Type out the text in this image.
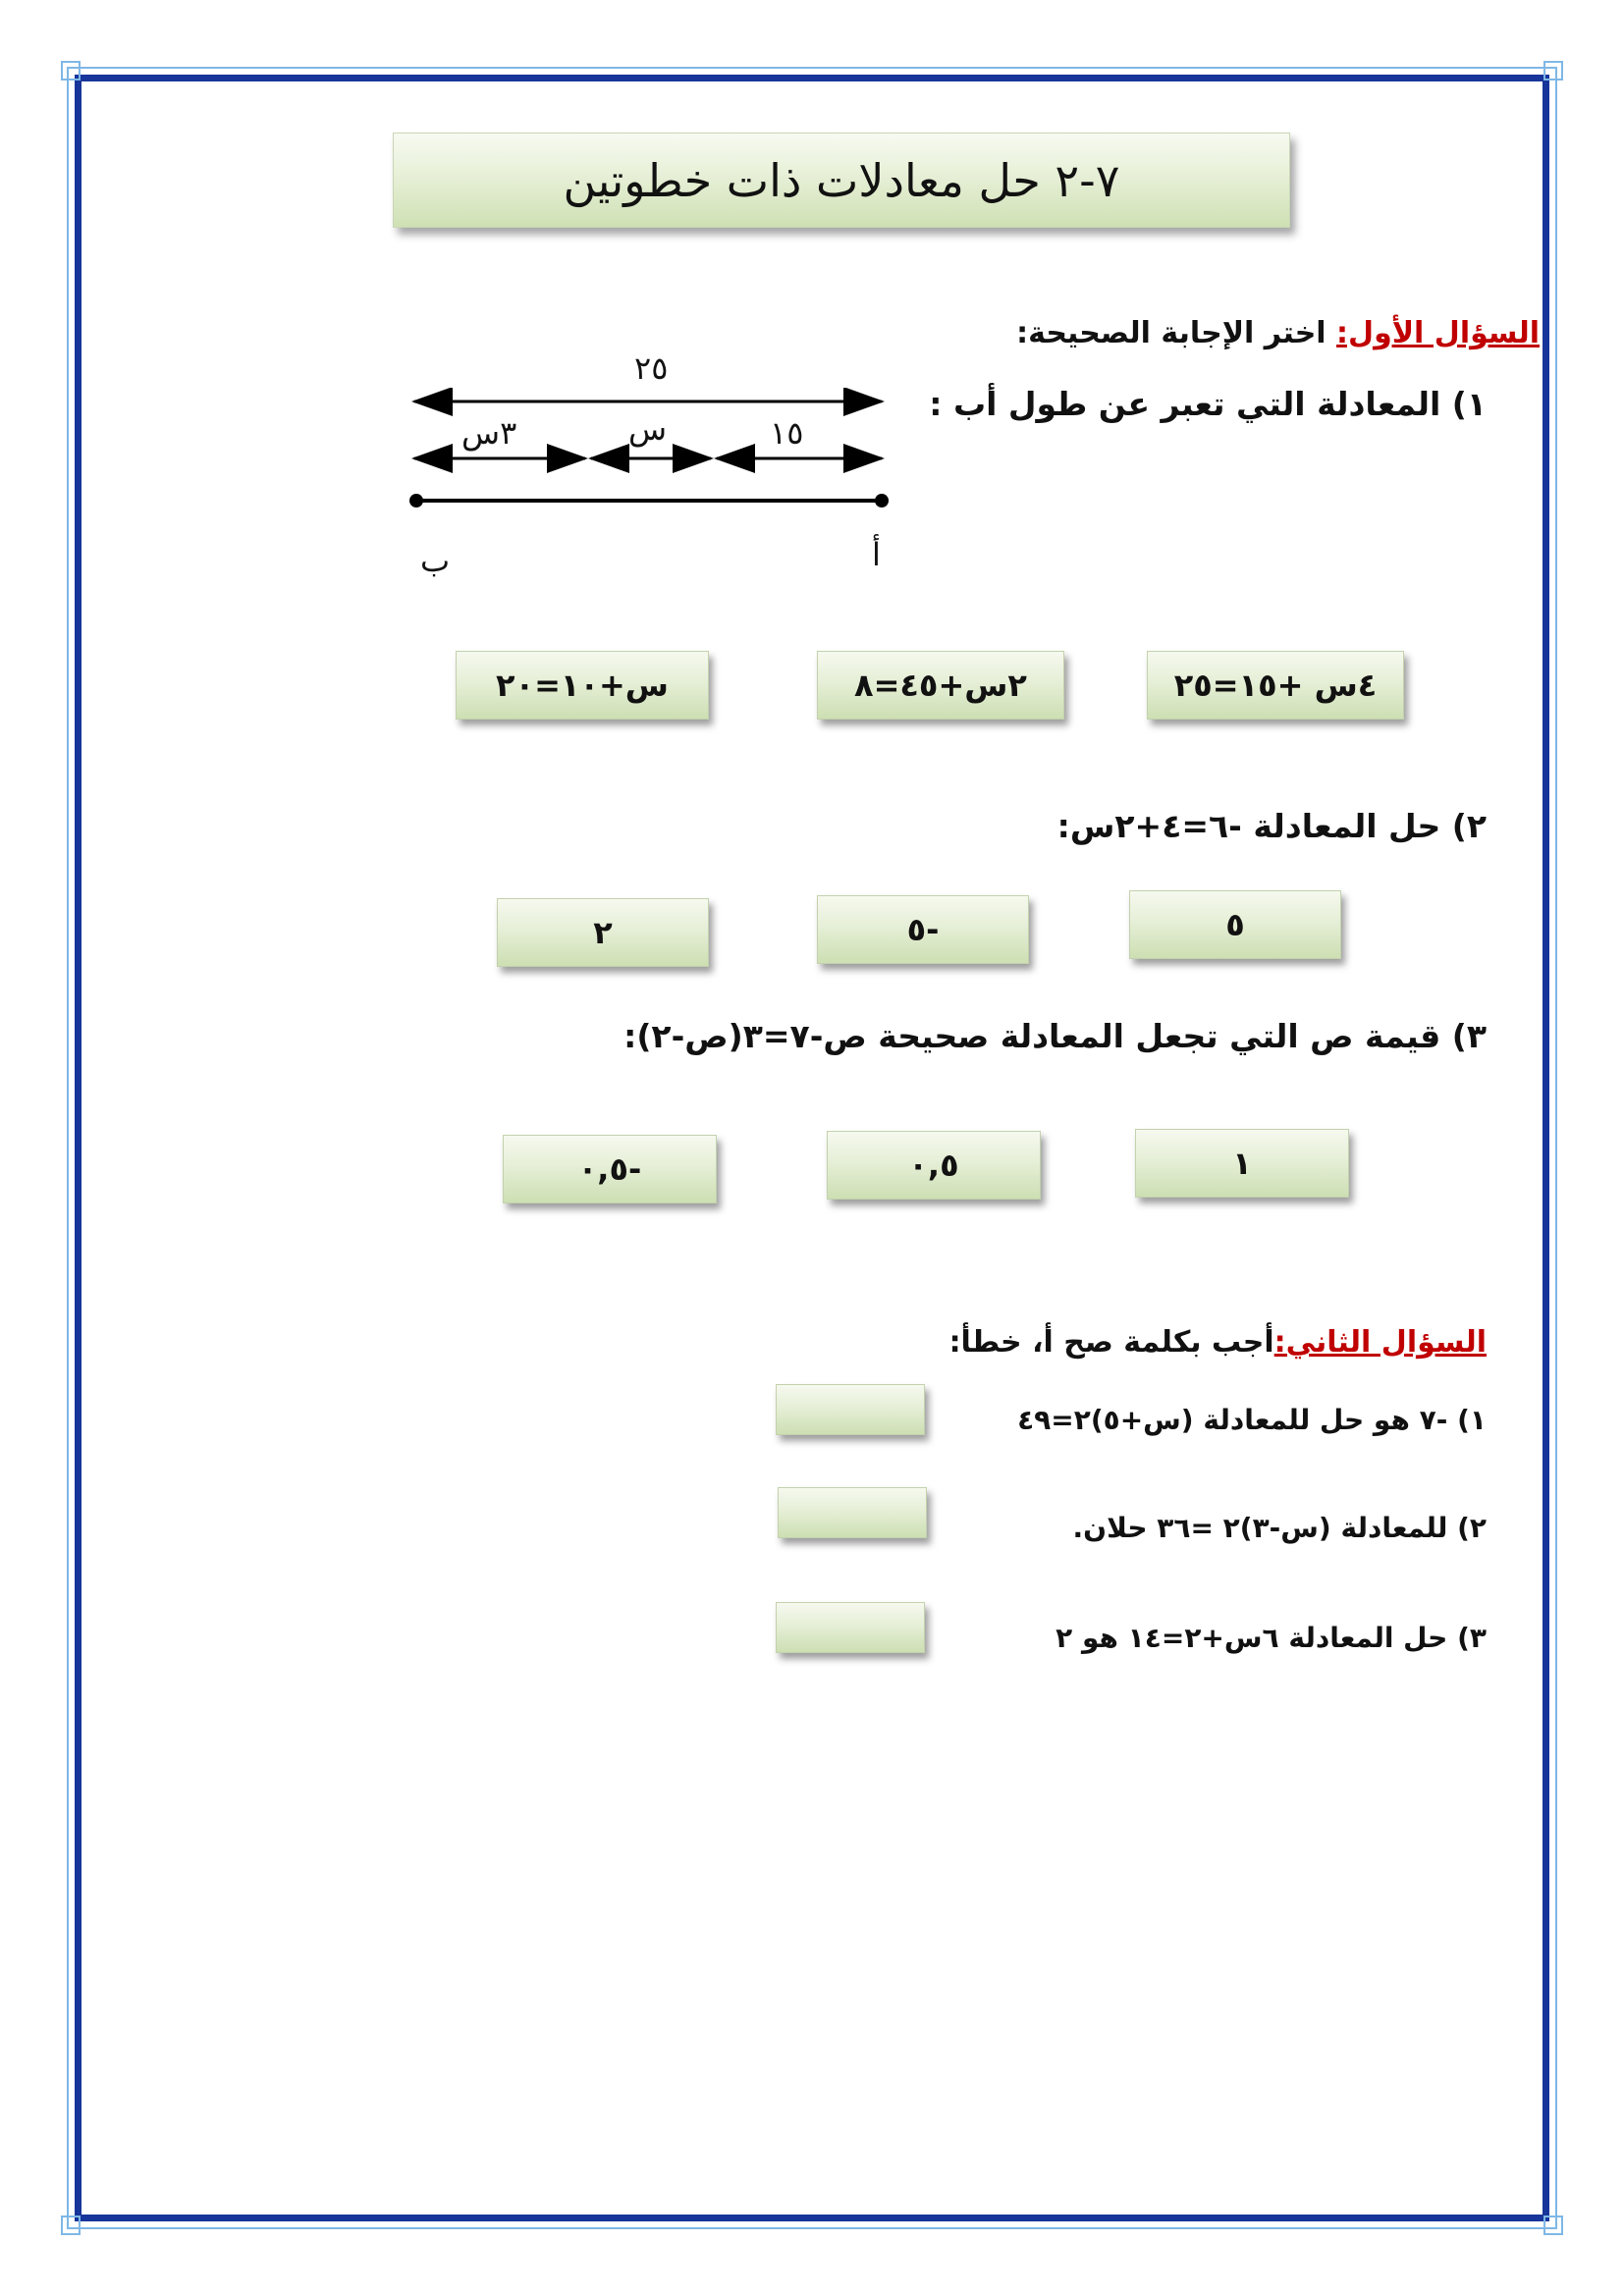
٧-٢ حل معادلات ذات خطوتين
السؤال الأول: اختر الإجابة الصحيحة:
١) المعادلة التي تعبر عن طول أب :
٢٥
٣س	س	١٥
أ
ب
٤س +١٥=٢٥
٢س+٤٥=٨
س+١٠=٢٠
٢) حل المعادلة -٦=٤+٢س:
٥
-٥
٢
٣) قيمة ص التي تجعل المعادلة صحيحة ص-٧=٣(ص-٢):
١
٠,٥
-٠,٥
السؤال الثاني:أجب بكلمة صح أ، خطأ:
١) -٧ هو حل للمعادلة (س+٥)٢=٤٩
٢) للمعادلة (س-٣)٢ =٣٦ حلان.
٣) حل المعادلة ٦س+٢=١٤ هو ٢
